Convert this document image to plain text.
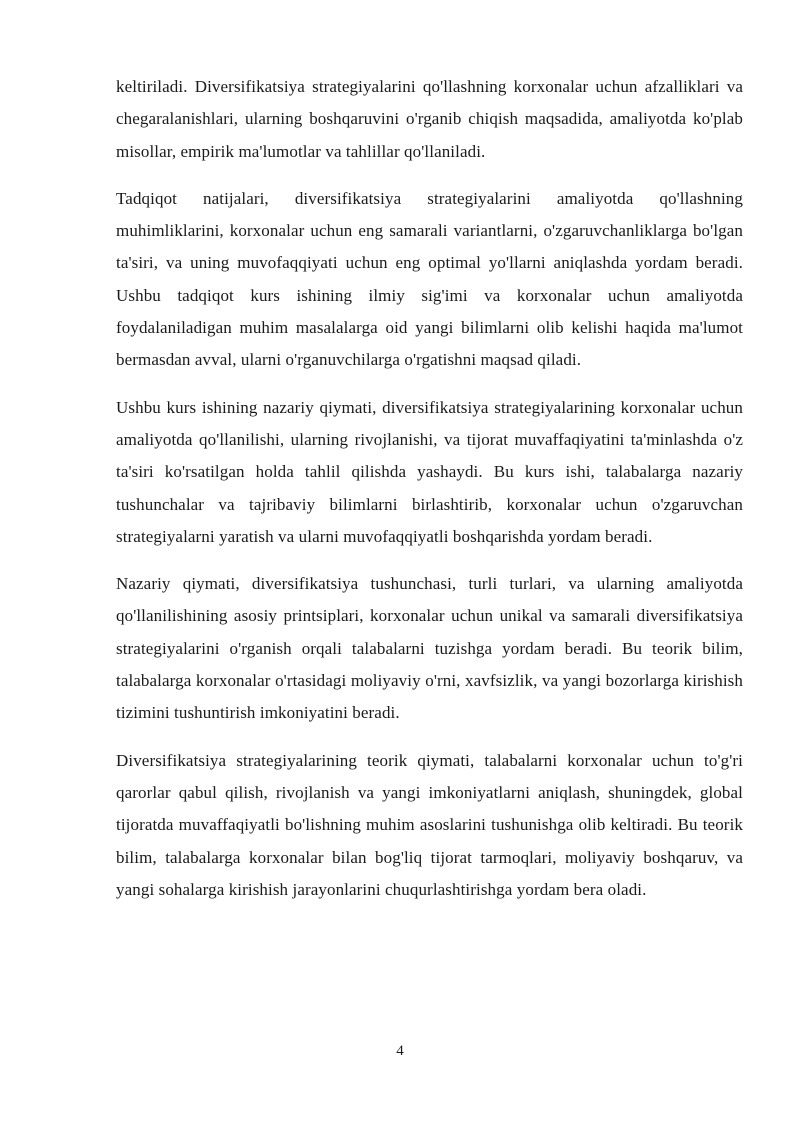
keltiriladi. Diversifikatsiya strategiyalarini qo'llashning korxonalar uchun afzalliklari va chegaralanishlari, ularning boshqaruvini o'rganib chiqish maqsadida, amaliyotda ko'plab misollar, empirik ma'lumotlar va tahlillar qo'llaniladi.

Tadqiqot natijalari, diversifikatsiya strategiyalarini amaliyotda qo'llashning muhimliklarini, korxonalar uchun eng samarali variantlarni, o'zgaruvchanliklarga bo'lgan ta'siri, va uning muvofaqqiyati uchun eng optimal yo'llarni aniqlashda yordam beradi. Ushbu tadqiqot kurs ishining ilmiy sig'imi va korxonalar uchun amaliyotda foydalaniladigan muhim masalalarga oid yangi bilimlarni olib kelishi haqida ma'lumot bermasdan avval, ularni o'rganuvchilarga o'rgatishni maqsad qiladi.

Ushbu kurs ishining nazariy qiymati, diversifikatsiya strategiyalarining korxonalar uchun amaliyotda qo'llanilishi, ularning rivojlanishi, va tijorat muvaffaqiyatini ta'minlashda o'z ta'siri ko'rsatilgan holda tahlil qilishda yashaydi. Bu kurs ishi, talabalarga nazariy tushunchalar va tajribaviy bilimlarni birlashtirib, korxonalar uchun o'zgaruvchan strategiyalarni yaratish va ularni muvofaqqiyatli boshqarishda yordam beradi.

Nazariy qiymati, diversifikatsiya tushunchasi, turli turlari, va ularning amaliyotda qo'llanilishining asosiy printsiplari, korxonalar uchun unikal va samarali diversifikatsiya strategiyalarini o'rganish orqali talabalarni tuzishga yordam beradi. Bu teorik bilim, talabalarga korxonalar o'rtasidagi moliyaviy o'rni, xavfsizlik, va yangi bozorlarga kirishish tizimini tushuntirish imkoniyatini beradi.

Diversifikatsiya strategiyalarining teorik qiymati, talabalarni korxonalar uchun to'g'ri qarorlar qabul qilish, rivojlanish va yangi imkoniyatlarni aniqlash, shuningdek, global tijoratda muvaffaqiyatli bo'lishning muhim asoslarini tushunishga olib keltiradi. Bu teorik bilim, talabalarga korxonalar bilan bog'liq tijorat tarmoqlari, moliyaviy boshqaruv, va yangi sohalarga kirishish jarayonlarini chuqurlashtirishga yordam bera oladi.

4
